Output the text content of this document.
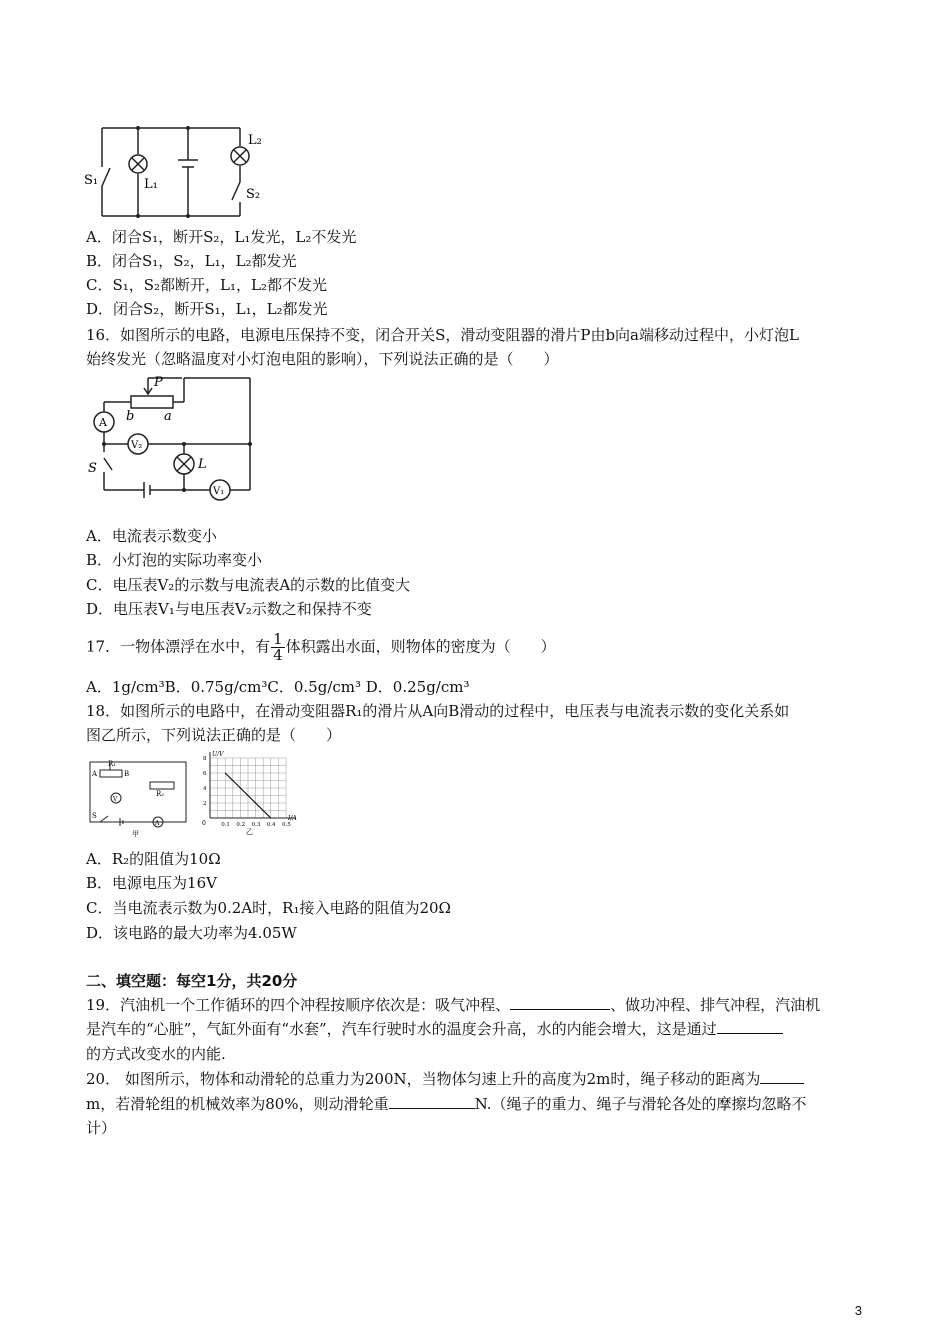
S₁	L₁
L₂
S₂
A．闭合S₁，断开S₂，L₁发光，L₂不发光
B．闭合S₁，S₂，L₁，L₂都发光
C．S₁，S₂都断开，L₁，L₂都不发光
D．闭合S₂，断开S₁，L₁，L₂都发光
16．如图所示的电路，电源电压保持不变，闭合开关S，滑动变阻器的滑片P由b向a端移动过程中，小灯泡L
始终发光（忽略温度对小灯泡电阻的影响），下列说法正确的是（　　）
P
b a
A
V₂
S	L
V₁
A．电流表示数变小
B．小灯泡的实际功率变小
C．电压表V₂的示数与电流表A的示数的比值变大
D．电压表V₁与电压表V₂示数之和保持不变
17．一物体漂浮在水中，有 $\frac{1}{4}$ 体积露出水面，则物体的密度为（　　）
A．1g/cm³B．0.75g/cm³C．0.5g/cm³ D．0.25g/cm³
18．如图所示的电路中，在滑动变阻器R₁的滑片从A向B滑动的过程中，电压表与电流表示数的变化关系如
图乙所示，下列说法正确的是（　　）
R₁
A	B
R₂
V
A
S
甲
U/V
I/A
0
乙
0.1 0.2 0.3 0.4 0.5
2
4
6
8
A．R₂的阻值为10Ω
B．电源电压为16V
C．当电流表示数为0.2A时，R₁接入电路的阻值为20Ω
D．该电路的最大功率为4.05W
二、填空题：每空1分，共20分
19．汽油机一个工作循环的四个冲程按顺序依次是：吸气冲程、	、做功冲程、排气冲程，汽油机
是汽车的“心脏”，气缸外面有“水套”，汽车行驶时水的温度会升高，水的内能会增大，这是通过
的方式改变水的内能.
20． 如图所示，物体和动滑轮的总重力为200N，当物体匀速上升的高度为2m时，绳子移动的距离为
m，若滑轮组的机械效率为80%，则动滑轮重	N.（绳子的重力、绳子与滑轮各处的摩擦均忽略不
计）
3
